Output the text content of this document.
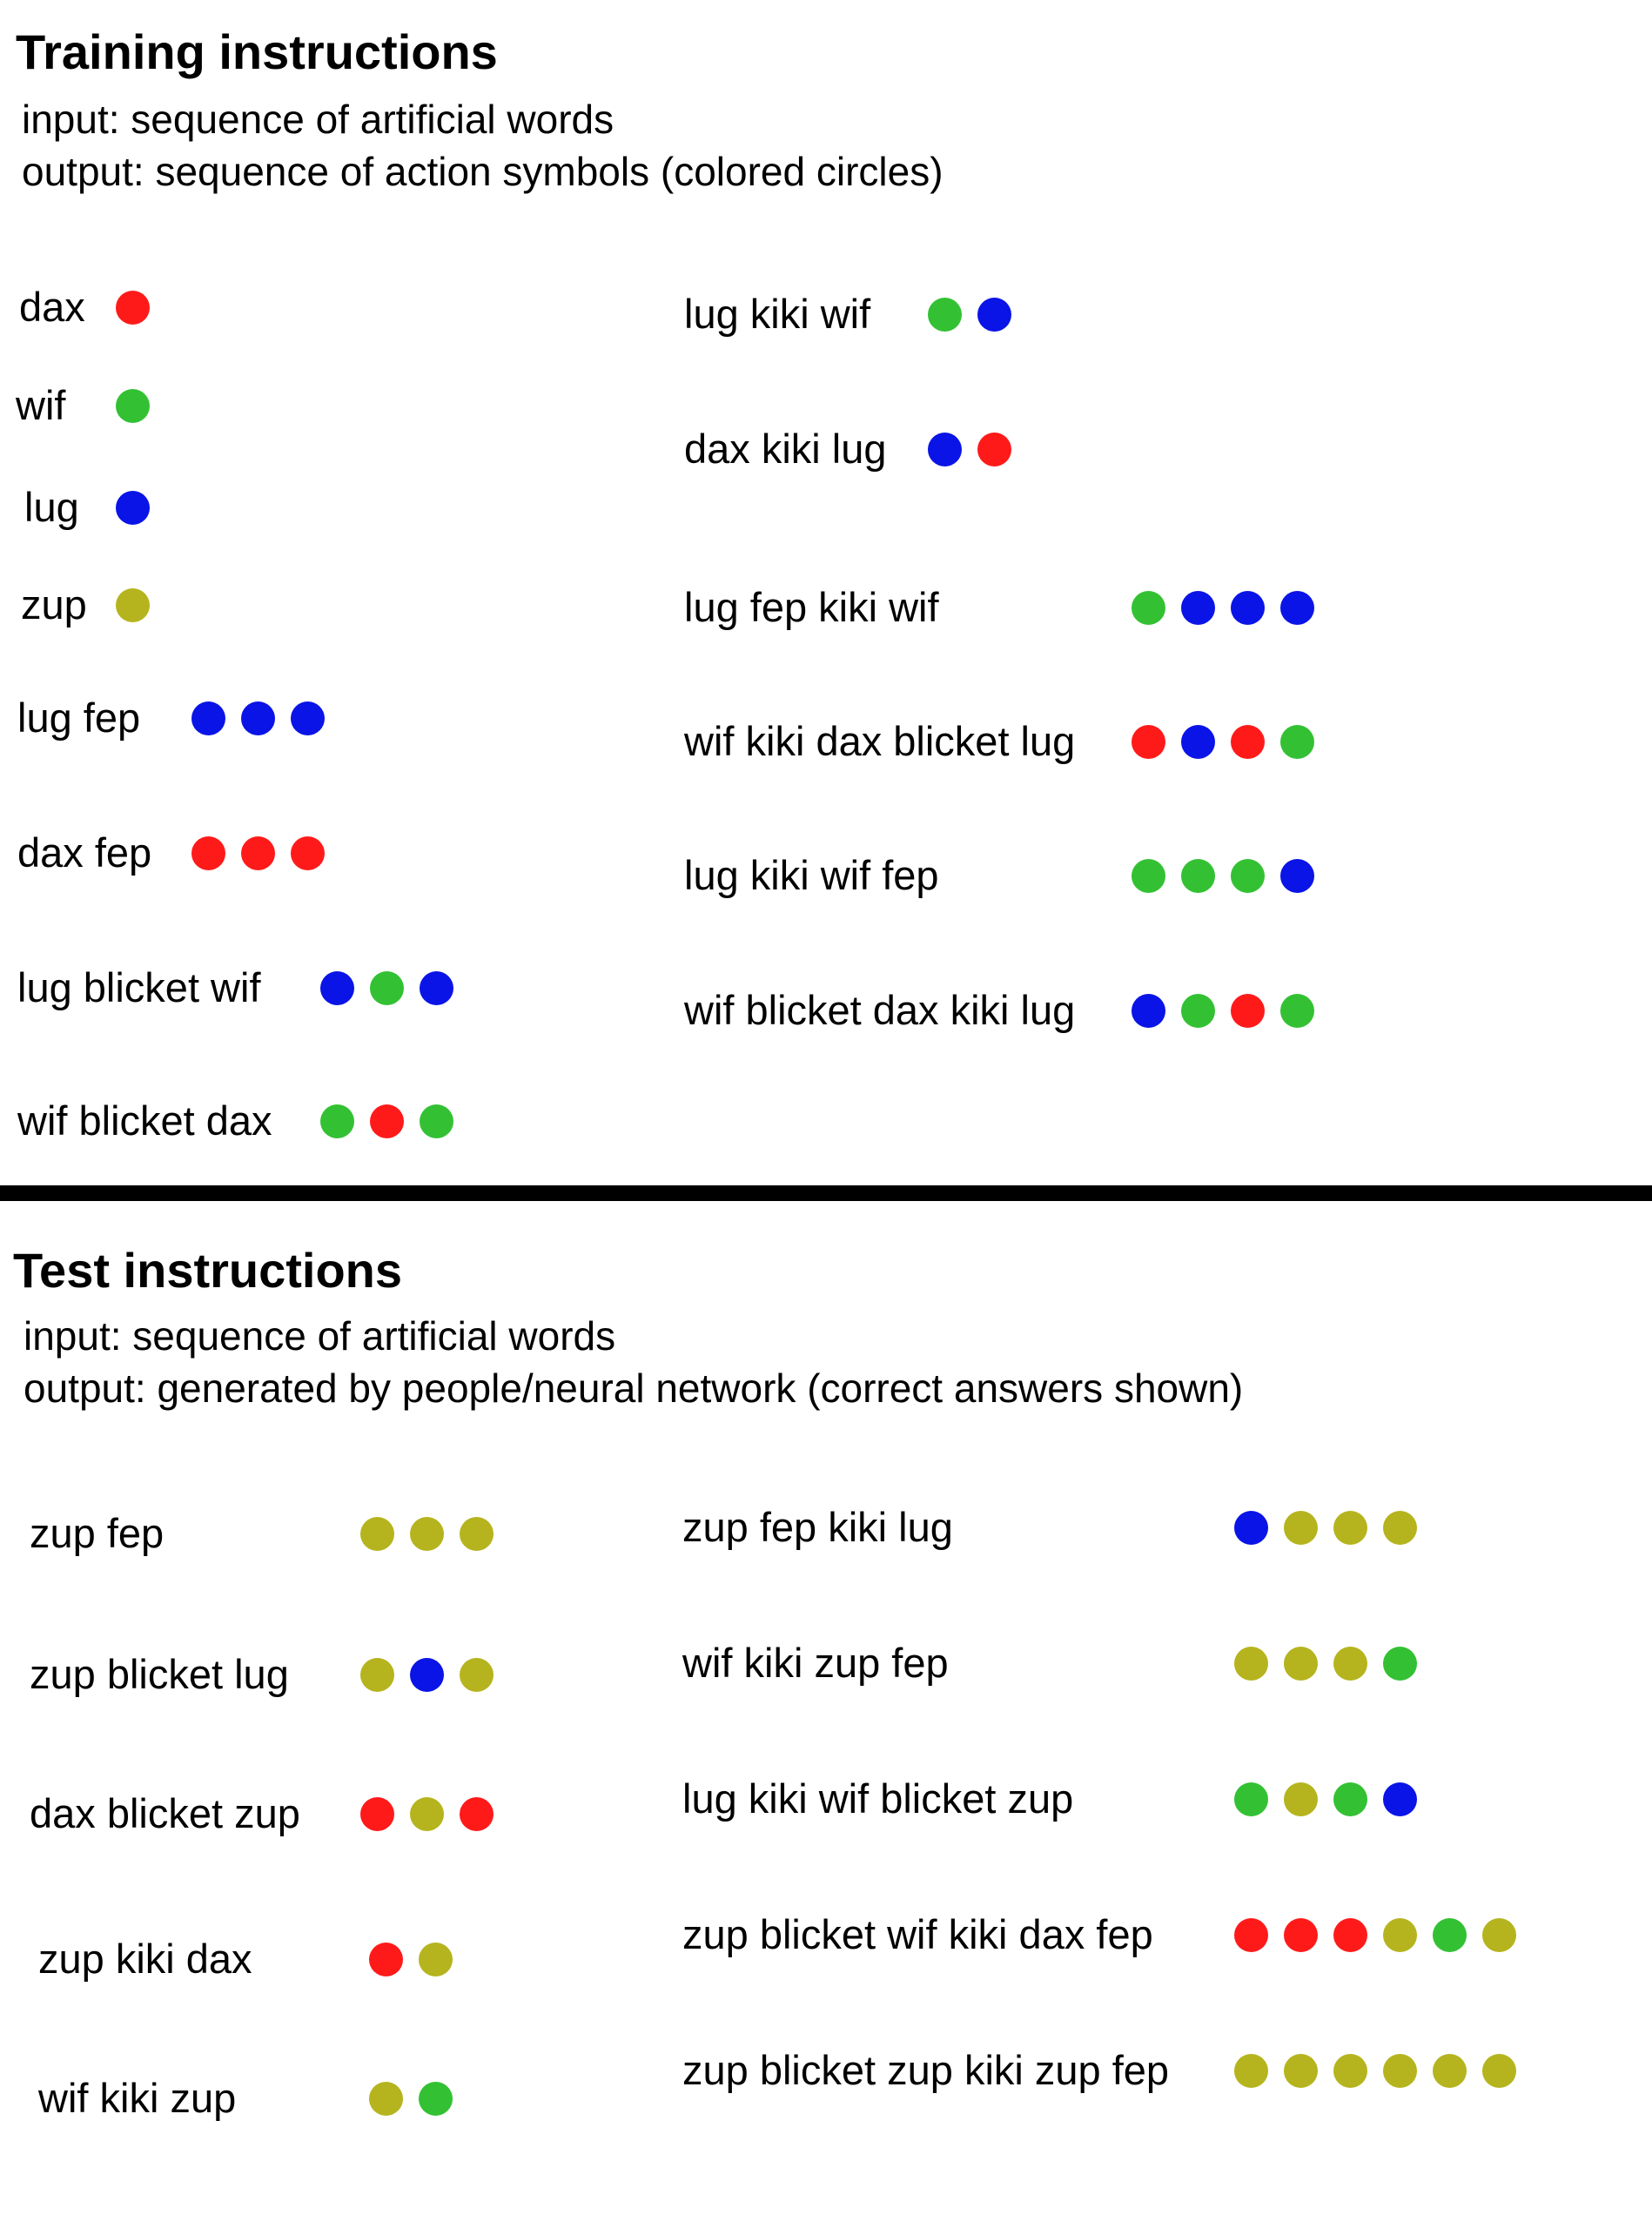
Training instructions
input: sequence of artificial words
output: sequence of action symbols (colored circles)
dax
wif
lug
zup
lug fep
dax fep
lug blicket wif
wif blicket dax
lug kiki wif
dax kiki lug
lug fep kiki wif
wif kiki dax blicket lug
lug kiki wif fep
wif blicket dax kiki lug
Test instructions
input: sequence of artificial words
output: generated by people/neural network (correct answers shown)
zup fep
zup blicket lug
dax blicket zup
zup kiki dax
wif kiki zup
zup fep kiki lug
wif kiki zup fep
lug kiki wif blicket zup
zup blicket wif kiki dax fep
zup blicket zup kiki zup fep
